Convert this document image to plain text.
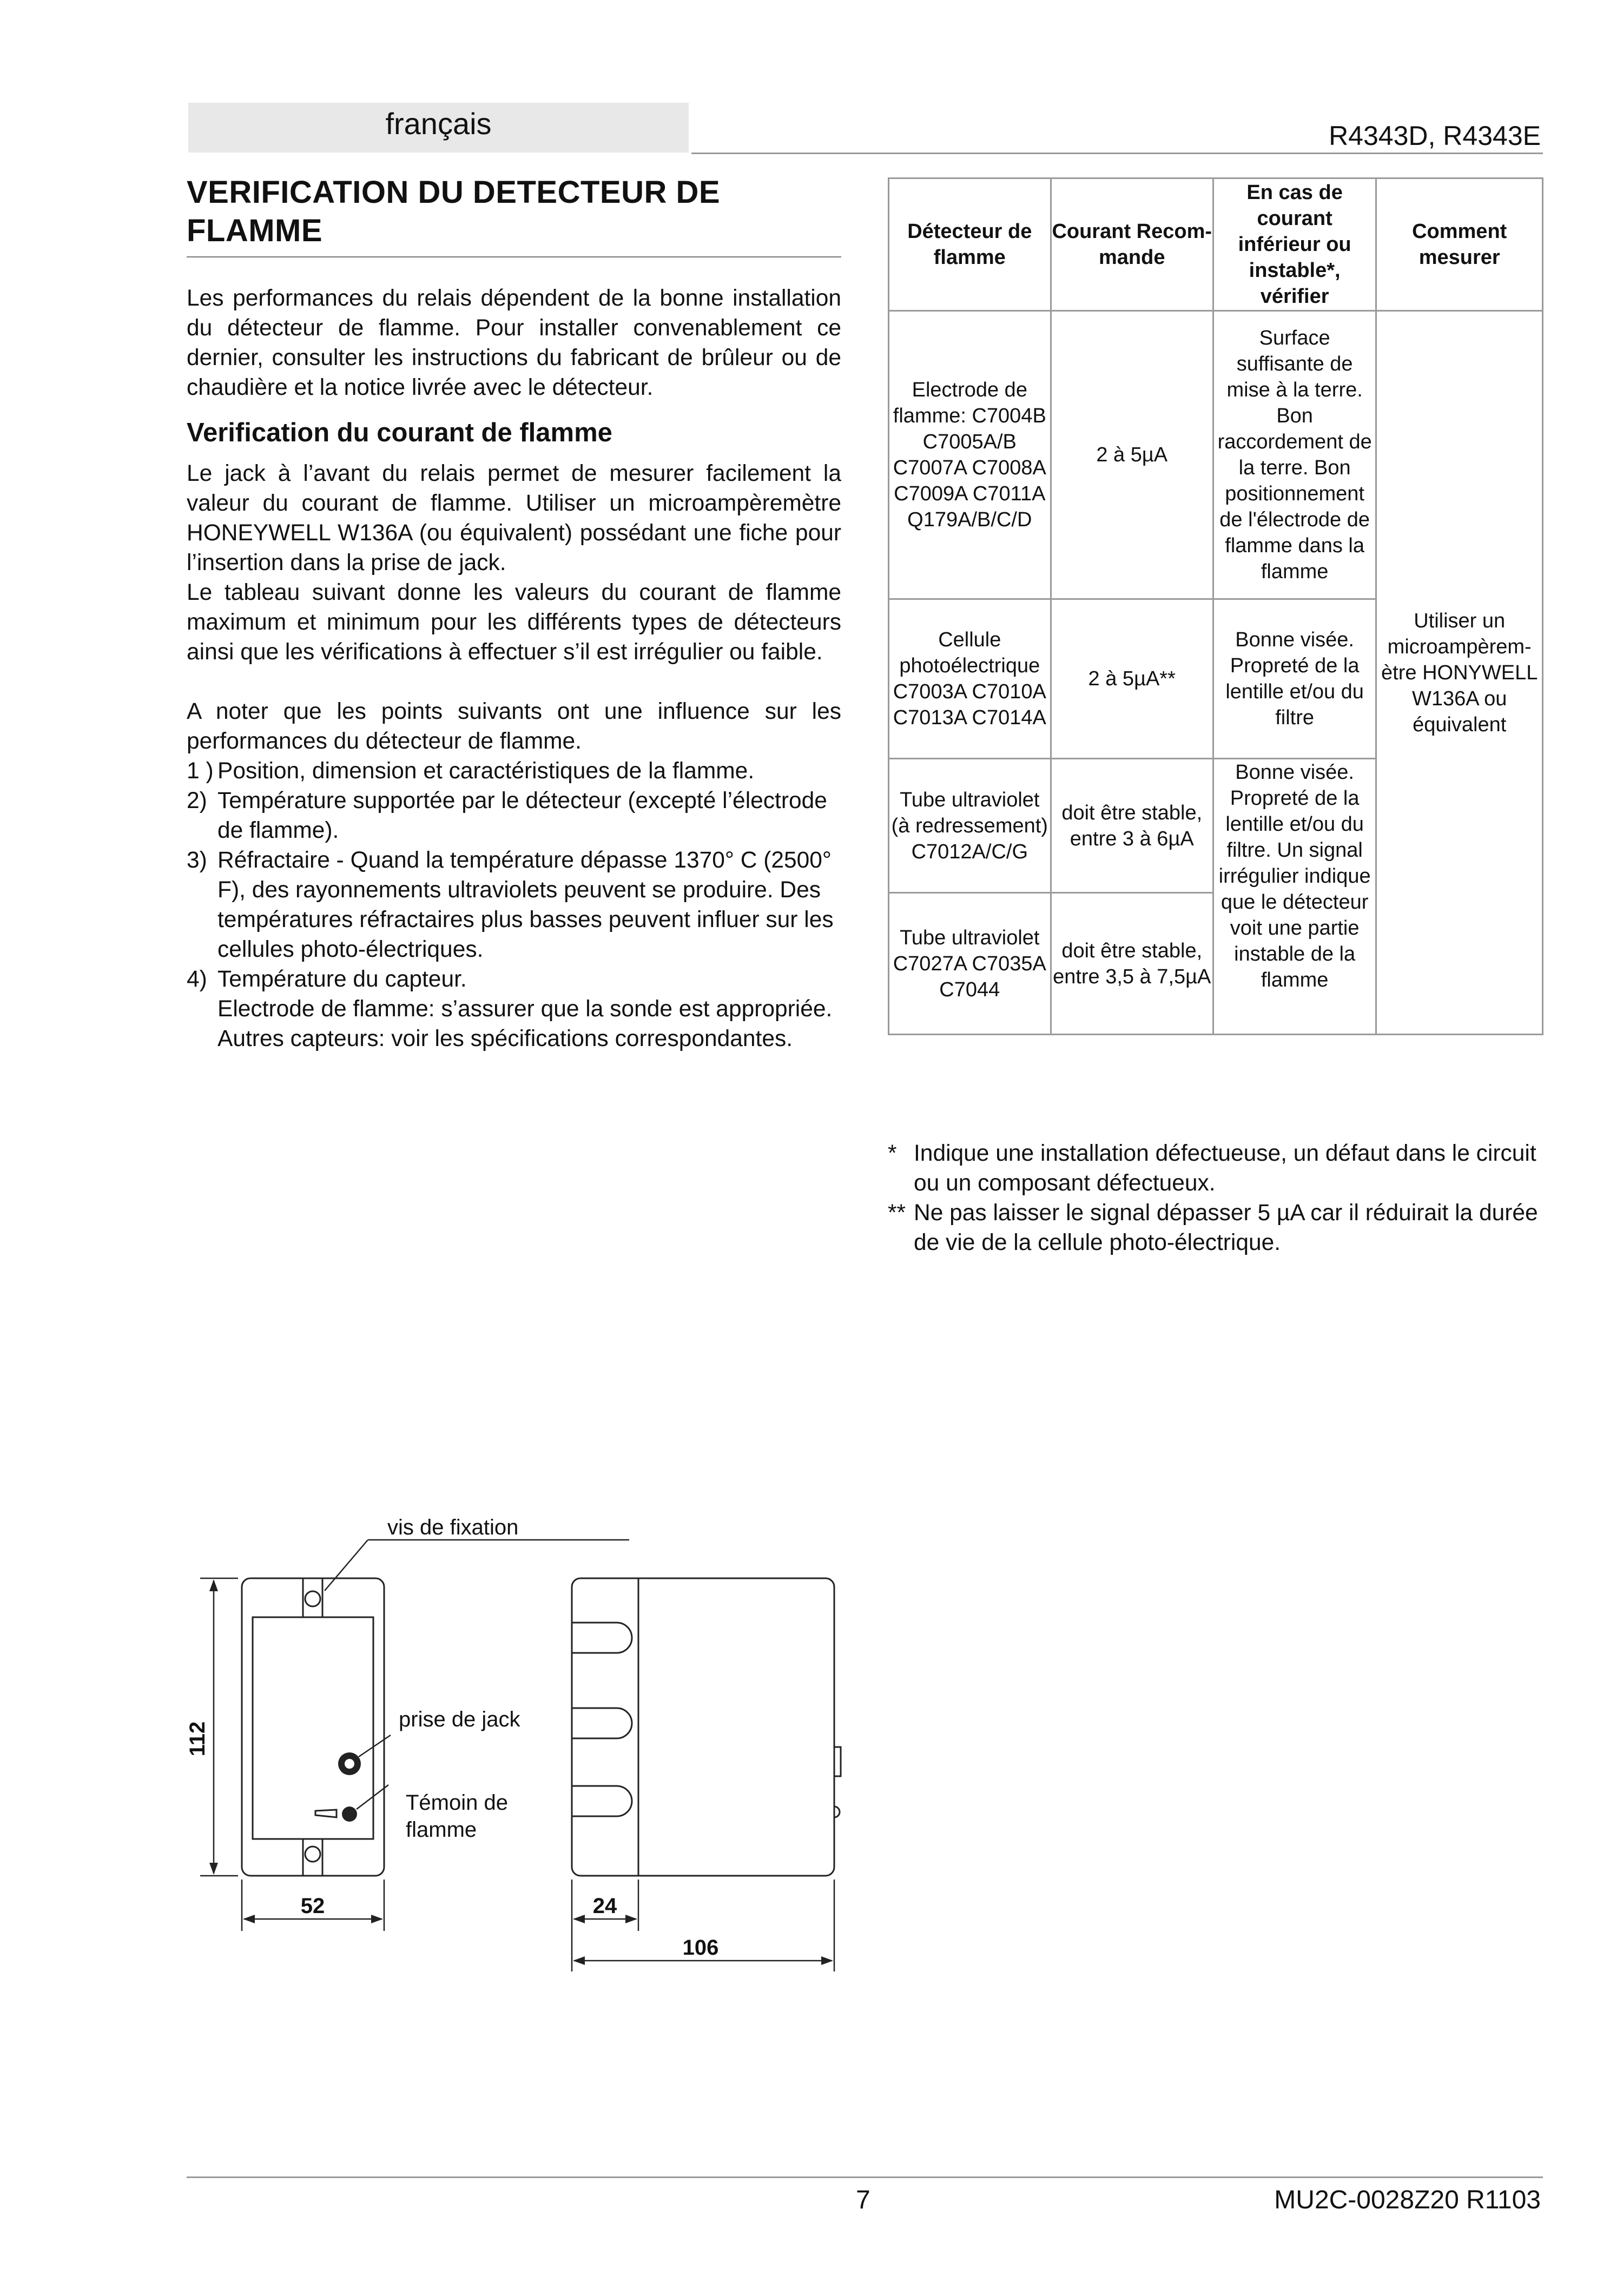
français	R4343D, R4343E
VERIFICATION DU DETECTEUR DE FLAMME
Les performances du relais dépendent de la bonne installation du détecteur de flamme. Pour installer convenablement ce dernier, consulter les instructions du fabricant de brûleur ou de chaudière et la notice livrée avec le détecteur.
Verification du courant de flamme
Le jack à l’avant du relais permet de mesurer facilement la valeur du courant de flamme. Utiliser un microampèremètre HONEYWELL W136A (ou équivalent) possédant une fiche pour l’insertion dans la prise de jack.
Le tableau suivant donne les valeurs du courant de flamme maximum et minimum pour les différents types de détecteurs ainsi que les vérifications à effectuer s’il est irrégulier ou faible.
A noter que les points suivants ont une influence sur les performances du détecteur de flamme.
1 ) Position, dimension et caractéristiques de la flamme.
2) Température supportée par le détecteur (excepté l’électrode de flamme).
3) Réfractaire - Quand la température dépasse 1370° C (2500° F), des rayonnements ultraviolets peuvent se produire. Des températures réfractaires plus basses peuvent influer sur les cellules photo-électriques.
4) Température du capteur.
Electrode de flamme: s’assurer que la sonde est appropriée.
Autres capteurs: voir les spécifications correspondantes.
Détecteur de flamme	Courant Recom-mande	En cas de courant inférieur ou instable*, vérifier	Comment mesurer
Electrode de flamme: C7004B C7005A/B C7007A C7008A C7009A C7011A Q179A/B/C/D	2 à 5µA	Surface suffisante de mise à la terre. Bon raccordement de la terre. Bon positionnement de l'électrode de flamme dans la flamme	Utiliser un microampèrem-ètre HONYWELL W136A ou équivalent
Cellule photoélectrique C7003A C7010A C7013A C7014A	2 à 5µA**	Bonne visée. Propreté de la lentille et/ou du filtre	
Tube ultraviolet (à redressement) C7012A/C/G	doit être stable, entre 3 à 6µA	Bonne visée. Propreté de la lentille et/ou du filtre. Un signal irrégulier indique que le détecteur voit une partie instable de la flamme	
Tube ultraviolet C7027A C7035A C7044	doit être stable, entre 3,5 à 7,5µA		
* Indique une installation défectueuse, un défaut dans le circuit ou un composant défectueux.
** Ne pas laisser le signal dépasser 5 µA car il réduirait la durée de vie de la cellule photo-électrique.
vis de fixation
prise de jack
Témoin de flamme
112
52	24
106
7	MU2C-0028Z20 R1103
